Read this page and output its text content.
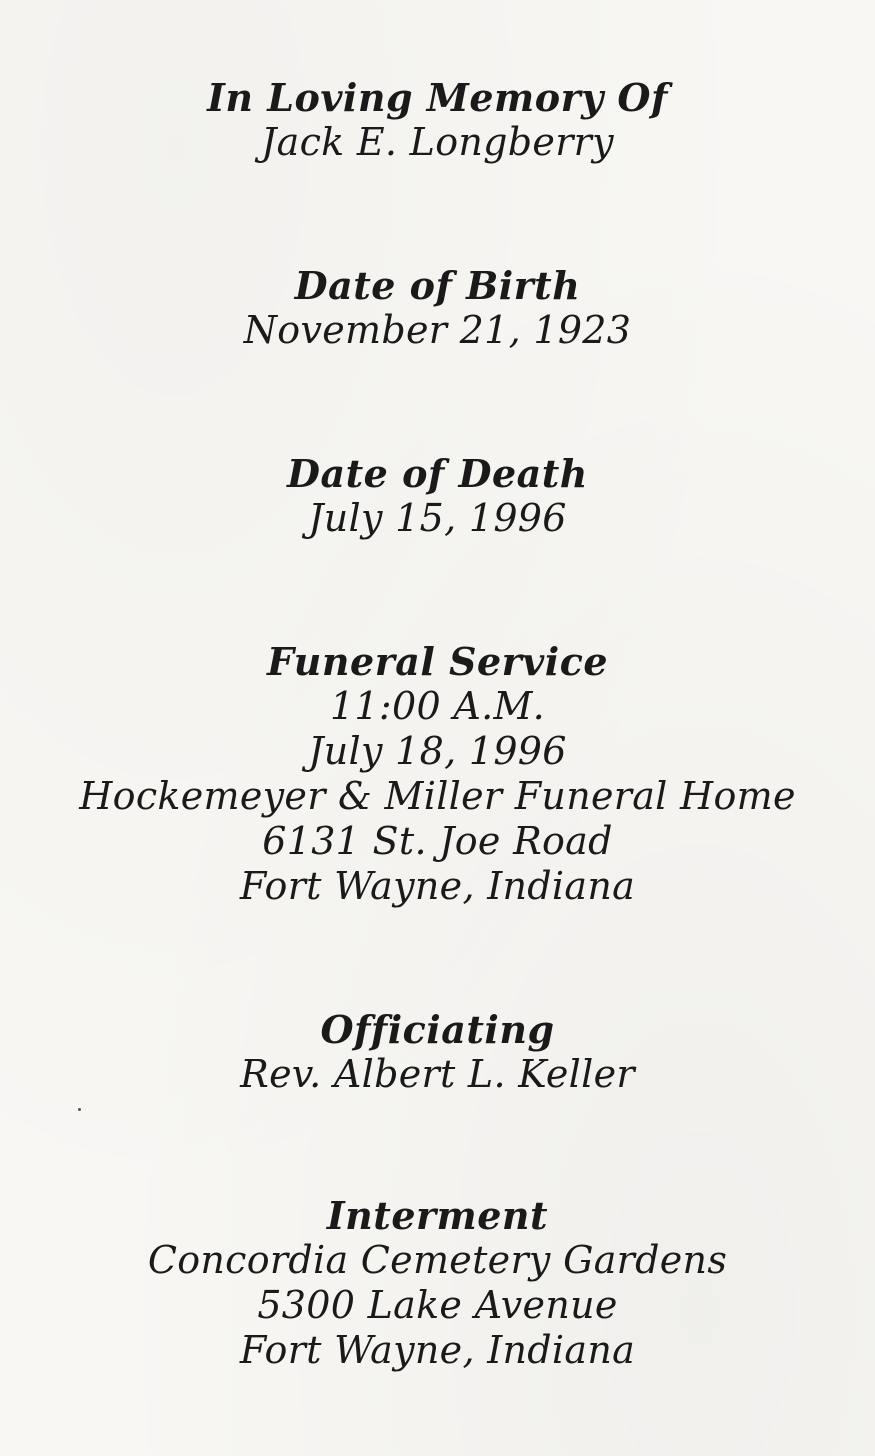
In Loving Memory Of
Jack E. Longberry
Date of Birth
November 21, 1923
Date of Death
July 15, 1996
Funeral Service
11:00 A.M.
July 18, 1996
Hockemeyer & Miller Funeral Home
6131 St. Joe Road
Fort Wayne, Indiana
Officiating
Rev. Albert L. Keller
Interment
Concordia Cemetery Gardens
5300 Lake Avenue
Fort Wayne, Indiana
